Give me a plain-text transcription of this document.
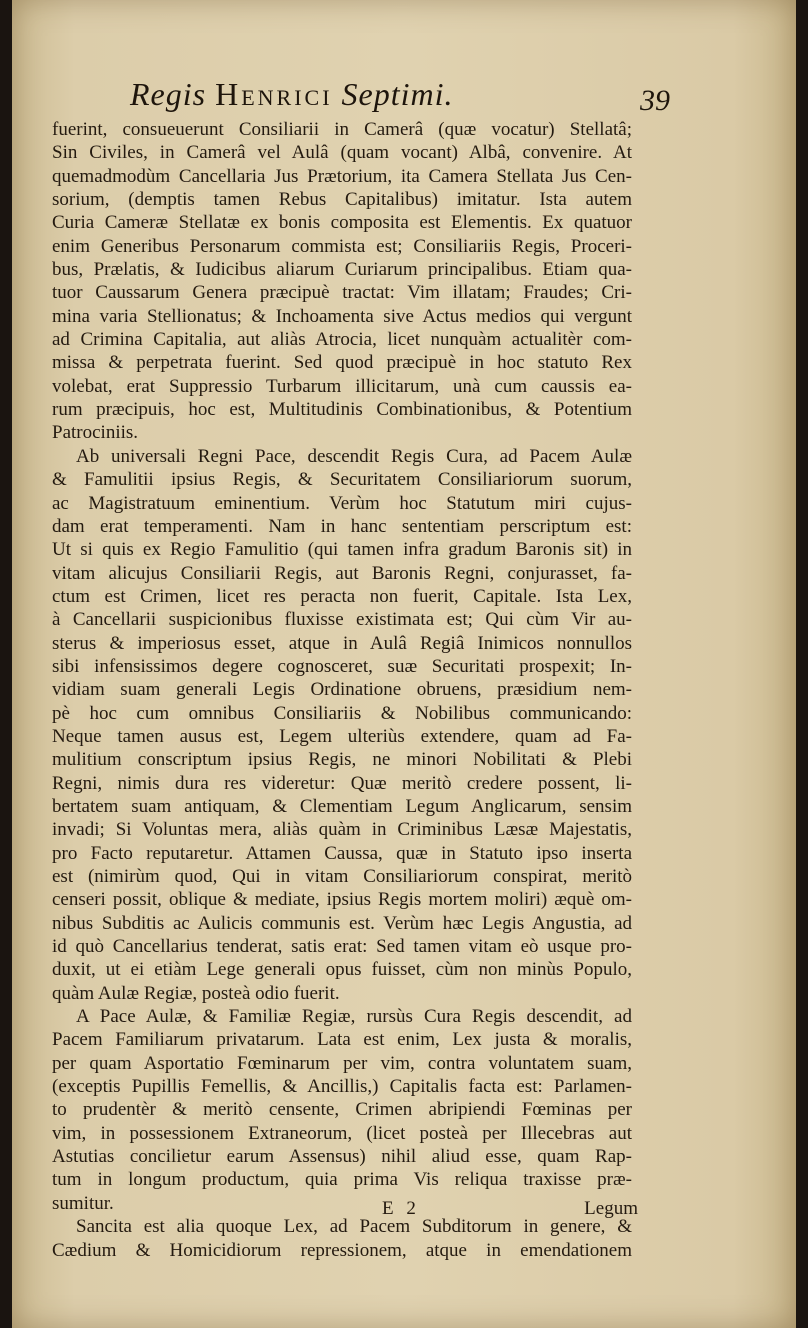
Regis Henrici Septimi.	39
fuerint, consueuerunt Consiliarii in Camerâ (quæ vocatur) Stellatâ;
Sin Civiles, in Camerâ vel Aulâ (quam vocant) Albâ, convenire. At
quemadmodùm Cancellaria Jus Prætorium, ita Camera Stellata Jus Cen-
sorium, (demptis tamen Rebus Capitalibus) imitatur. Ista autem
Curia Cameræ Stellatæ ex bonis composita est Elementis. Ex quatuor
enim Generibus Personarum commista est; Consiliariis Regis, Proceri-
bus, Prælatis, & Iudicibus aliarum Curiarum principalibus. Etiam qua-
tuor Caussarum Genera præcipuè tractat: Vim illatam; Fraudes; Cri-
mina varia Stellionatus; & Inchoamenta sive Actus medios qui vergunt
ad Crimina Capitalia, aut aliàs Atrocia, licet nunquàm actualitèr com-
missa & perpetrata fuerint. Sed quod præcipuè in hoc statuto Rex
volebat, erat Suppressio Turbarum illicitarum, unà cum caussis ea-
rum præcipuis, hoc est, Multitudinis Combinationibus, & Potentium
Patrociniis.
Ab universali Regni Pace, descendit Regis Cura, ad Pacem Aulæ
& Famulitii ipsius Regis, & Securitatem Consiliariorum suorum,
ac Magistratuum eminentium. Verùm hoc Statutum miri cujus-
dam erat temperamenti. Nam in hanc sententiam perscriptum est:
Ut si quis ex Regio Famulitio (qui tamen infra gradum Baronis sit) in
vitam alicujus Consiliarii Regis, aut Baronis Regni, conjurasset, fa-
ctum est Crimen, licet res peracta non fuerit, Capitale. Ista Lex,
à Cancellarii suspicionibus fluxisse existimata est; Qui cùm Vir au-
sterus & imperiosus esset, atque in Aulâ Regiâ Inimicos nonnullos
sibi infensissimos degere cognosceret, suæ Securitati prospexit; In-
vidiam suam generali Legis Ordinatione obruens, præsidium nem-
pè hoc cum omnibus Consiliariis & Nobilibus communicando:
Neque tamen ausus est, Legem ulteriùs extendere, quam ad Fa-
mulitium conscriptum ipsius Regis, ne minori Nobilitati & Plebi
Regni, nimis dura res videretur: Quæ meritò credere possent, li-
bertatem suam antiquam, & Clementiam Legum Anglicarum, sensim
invadi; Si Voluntas mera, aliàs quàm in Criminibus Læsæ Majestatis,
pro Facto reputaretur. Attamen Caussa, quæ in Statuto ipso inserta
est (nimirùm quod, Qui in vitam Consiliariorum conspirat, meritò
censeri possit, oblique & mediate, ipsius Regis mortem moliri) æquè om-
nibus Subditis ac Aulicis communis est. Verùm hæc Legis Angustia, ad
id quò Cancellarius tenderat, satis erat: Sed tamen vitam eò usque pro-
duxit, ut ei etiàm Lege generali opus fuisset, cùm non minùs Populo,
quàm Aulæ Regiæ, posteà odio fuerit.
A Pace Aulæ, & Familiæ Regiæ, rursùs Cura Regis descendit, ad
Pacem Familiarum privatarum. Lata est enim, Lex justa & moralis,
per quam Asportatio Fœminarum per vim, contra voluntatem suam,
(exceptis Pupillis Femellis, & Ancillis,) Capitalis facta est: Parlamen-
to prudentèr & meritò censente, Crimen abripiendi Fœminas per
vim, in possessionem Extraneorum, (licet posteà per Illecebras aut
Astutias concilietur earum Assensus) nihil aliud esse, quam Rap-
tum in longum productum, quia prima Vis reliqua traxisse præ-
sumitur.
Sancita est alia quoque Lex, ad Pacem Subditorum in genere, &
Cædium & Homicidiorum repressionem, atque in emendationem
E 2	Legum
